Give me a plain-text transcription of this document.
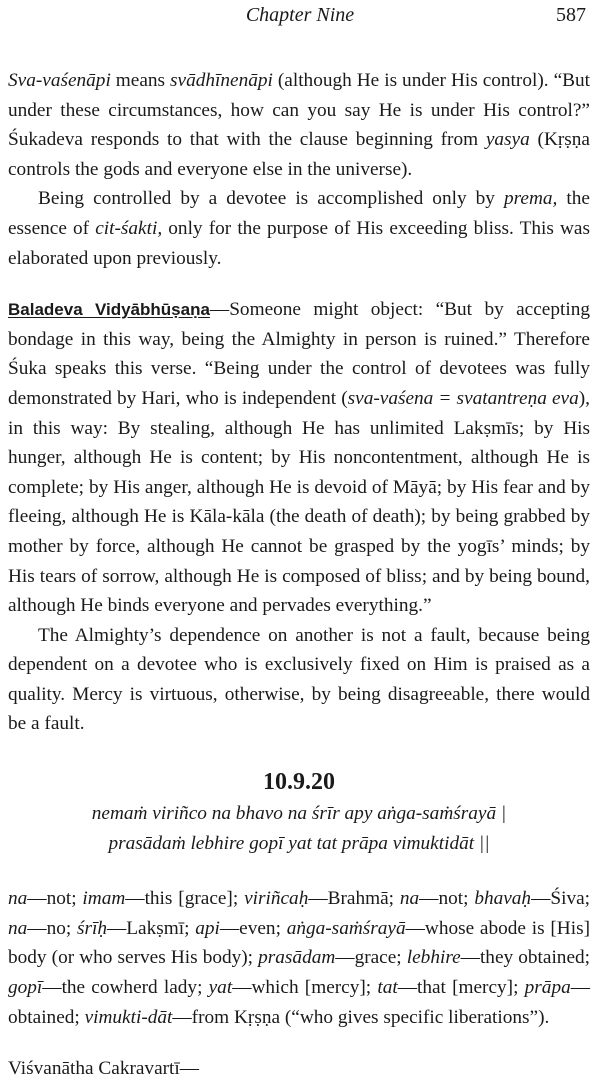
Chapter Nine	587

Sva-vaśenāpi means svādhīnenāpi (although He is under His control). “But under these circumstances, how can you say He is under His control?” Śukadeva responds to that with the clause beginning from yasya (Kṛṣṇa controls the gods and everyone else in the universe).

Being controlled by a devotee is accomplished only by prema, the essence of cit-śakti, only for the purpose of His exceeding bliss. This was elaborated upon previously.

Baladeva Vidyābhūṣaṇa—Someone might object: “But by accepting bondage in this way, being the Almighty in person is ruined.” Therefore Śuka speaks this verse. “Being under the control of devotees was fully demonstrated by Hari, who is independent (sva-vaśena = svatantreṇa eva), in this way: By stealing, although He has unlimited Lakṣmīs; by His hunger, although He is content; by His noncontentment, although He is complete; by His anger, although He is devoid of Māyā; by His fear and by fleeing, although He is Kāla-kāla (the death of death); by being grabbed by mother by force, although He cannot be grasped by the yogīs’ minds; by His tears of sorrow, although He is composed of bliss; and by being bound, although He binds everyone and pervades everything.”

The Almighty’s dependence on another is not a fault, because being dependent on a devotee who is exclusively fixed on Him is praised as a quality. Mercy is virtuous, otherwise, by being disagreeable, there would be a fault.

10.9.20
nemaṁ viriñco na bhavo na śrīr apy aṅga-saṁśrayā |
prasādaṁ lebhire gopī yat tat prāpa vimuktidāt ||

na—not; imam—this [grace]; viriñcaḥ—Brahmā; na—not; bhavaḥ—Śiva; na—no; śrīḥ—Lakṣmī; api—even; aṅga-saṁśrayā—whose abode is [His] body (or who serves His body); prasādam—grace; lebhire—they obtained; gopī—the cowherd lady; yat—which [mercy]; tat—that [mercy]; prāpa—obtained; vimukti-dāt—from Kṛṣṇa (“who gives specific liberations”).

Viśvanātha Cakravartī—
